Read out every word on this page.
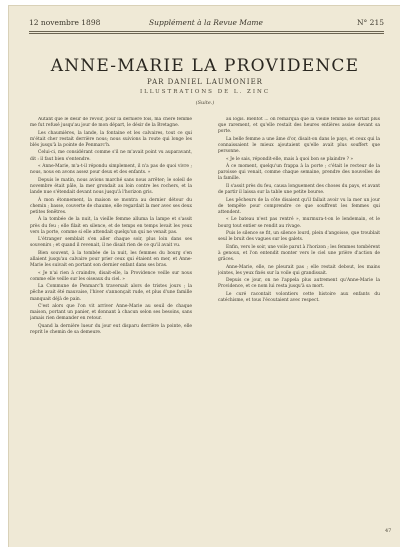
12 novembre 1898	Supplément à la Revue Mame	N° 215
ANNE-MARIE LA PROVIDENCE
PAR DANIEL LAUMONIER
ILLUSTRATIONS DE L. ZINC
(Suite.)

Autant que le désir de revoir, pour la dernière fois, ma chère femme me fut refusé jusqu'au jour de mon départ, le désir de la Bretagne.

Les chaumières, la lande, la fontaine et les calvaires, tout ce qui m'était cher restait derrière nous; nous suivions la route qui longe les blés jusqu'à la pointe de Penmarc'h.

Celui-ci, me considérant comme s'il ne m'avait point vu auparavant, dit : il faut bien s'entendre.

« Anne-Marie, m'a-t-il répondu simplement, il n'a pas de quoi vivre ; nous, nous en avons assez pour deux et des enfants. »

Depuis le matin, nous avions marché sans nous arrêter; le soleil de novembre était pâle, la mer grondait au loin contre les rochers, et la lande nue s'étendait devant nous jusqu'à l'horizon gris.

À mon étonnement, la maison se montra au dernier détour du chemin ; basse, couverte de chaume, elle regardait la mer avec ses deux petites fenêtres.

À la tombée de la nuit, la vieille femme alluma la lampe et s'assit près du feu ; elle filait en silence, et de temps en temps levait les yeux vers la porte, comme si elle attendait quelqu'un qui ne venait pas.

L'étranger semblait s'en aller chaque soir, plus loin dans ses souvenirs ; et quand il revenait, il ne disait rien de ce qu'il avait vu.

Bien souvent, à la tombée de la nuit, les femmes du bourg s'en allaient jusqu'au calvaire pour prier ceux qui étaient en mer, et Anne-Marie les suivait en portant son dernier enfant dans ses bras.

« Je n'ai rien à craindre, disait-elle, la Providence veille sur nous comme elle veille sur les oiseaux du ciel. »

La Commune de Penmarc'h traversait alors de tristes jours ; la pêche avait été mauvaise, l'hiver s'annonçait rude, et plus d'une famille manquait déjà de pain.

C'est alors que l'on vit arriver Anne-Marie au seuil de chaque maison, portant un panier, et donnant à chacun selon ses besoins, sans jamais rien demander en retour.

Quand la dernière lueur du jour eut disparu derrière la pointe, elle reprit le chemin de sa demeure.

au logis. Bientôt ... on remarqua que la vieille femme ne sortait plus que rarement, et qu'elle restait des heures entières assise devant sa porte.

La belle femme a une âme d'or, disait-on dans le pays, et ceux qui la connaissaient le mieux ajoutaient qu'elle avait plus souffert que personne.

« Je le sais, répondit-elle, mais à quoi bon se plaindre ? »

À ce moment, quelqu'un frappa à la porte ; c'était le recteur de la paroisse qui venait, comme chaque semaine, prendre des nouvelles de la famille.

Il s'assit près du feu, causa longuement des choses du pays, et avant de partir il laissa sur la table une petite bourse.

Les pêcheurs de la côte disaient qu'il fallait avoir vu la mer un jour de tempête pour comprendre ce que souffrent les femmes qui attendent.

« Le bateau n'est pas rentré », murmura-t-on le lendemain, et le bourg tout entier se rendit au rivage.

Puis le silence se fit, un silence lourd, plein d'angoisse, que troublait seul le bruit des vagues sur les galets.

Enfin, vers le soir, une voile parut à l'horizon ; les femmes tombèrent à genoux, et l'on entendit monter vers le ciel une prière d'action de grâces.

Anne-Marie, elle, ne pleurait pas ; elle restait debout, les mains jointes, les yeux fixés sur la voile qui grandissait.

Depuis ce jour, on ne l'appela plus autrement qu'Anne-Marie la Providence, et ce nom lui resta jusqu'à sa mort.

Le curé racontait volontiers cette histoire aux enfants du catéchisme, et tous l'écoutaient avec respect.

47
